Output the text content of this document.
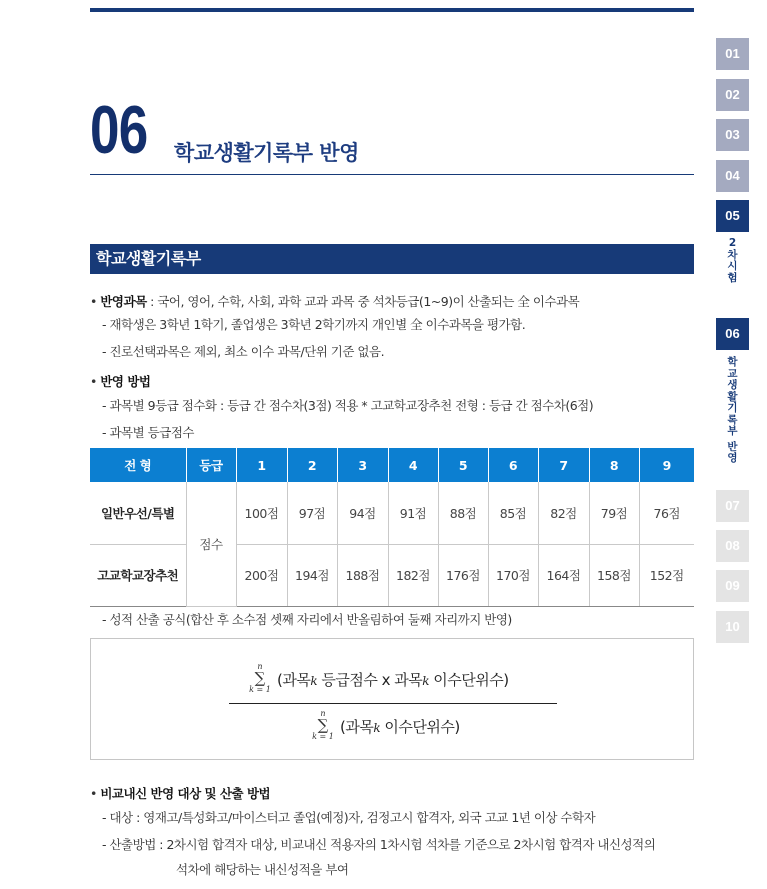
06 학교생활기록부 반영
학교생활기록부
• 반영과목 : 국어, 영어, 수학, 사회, 과학 교과 과목 중 석차등급(1~9)이 산출되는 全 이수과목
- 재학생은 3학년 1학기, 졸업생은 3학년 2학기까지 개인별 全 이수과목을 평가함.
- 진로선택과목은 제외, 최소 이수 과목/단위 기준 없음.
• 반영 방법
- 과목별 9등급 점수화 : 등급 간 점수차(3점) 적용 * 고교학교장추천 전형 : 등급 간 점수차(6점)
- 과목별 등급점수
전 형	등급	1	2	3	4	5	6	7	8	9
일반우선/특별	점수	100점	97점	94점	91점	88점	85점	82점	79점	76점
고교학교장추천		200점	194점	188점	182점	176점	170점	164점	158점	152점
- 성적 산출 공식(합산 후 소수점 셋째 자리에서 반올림하여 둘째 자리까지 반영)
n
∑
k = 1
(과목k 등급점수 x 과목k 이수단위수)
n
∑
k = 1
(과목k 이수단위수)
• 비교내신 반영 대상 및 산출 방법
- 대상 : 영재고/특성화고/마이스터고 졸업(예정)자, 검정고시 합격자, 외국 고교 1년 이상 수학자
- 산출방법 : 2차시험 합격자 대상, 비교내신 적용자의 1차시험 석차를 기준으로 2차시험 합격자 내신성적의
석차에 해당하는 내신성적을 부여
01
02
03
04
05
2
차
시
험
06
학
교
생
활
기
록
부
반
영
07
08
09
10
